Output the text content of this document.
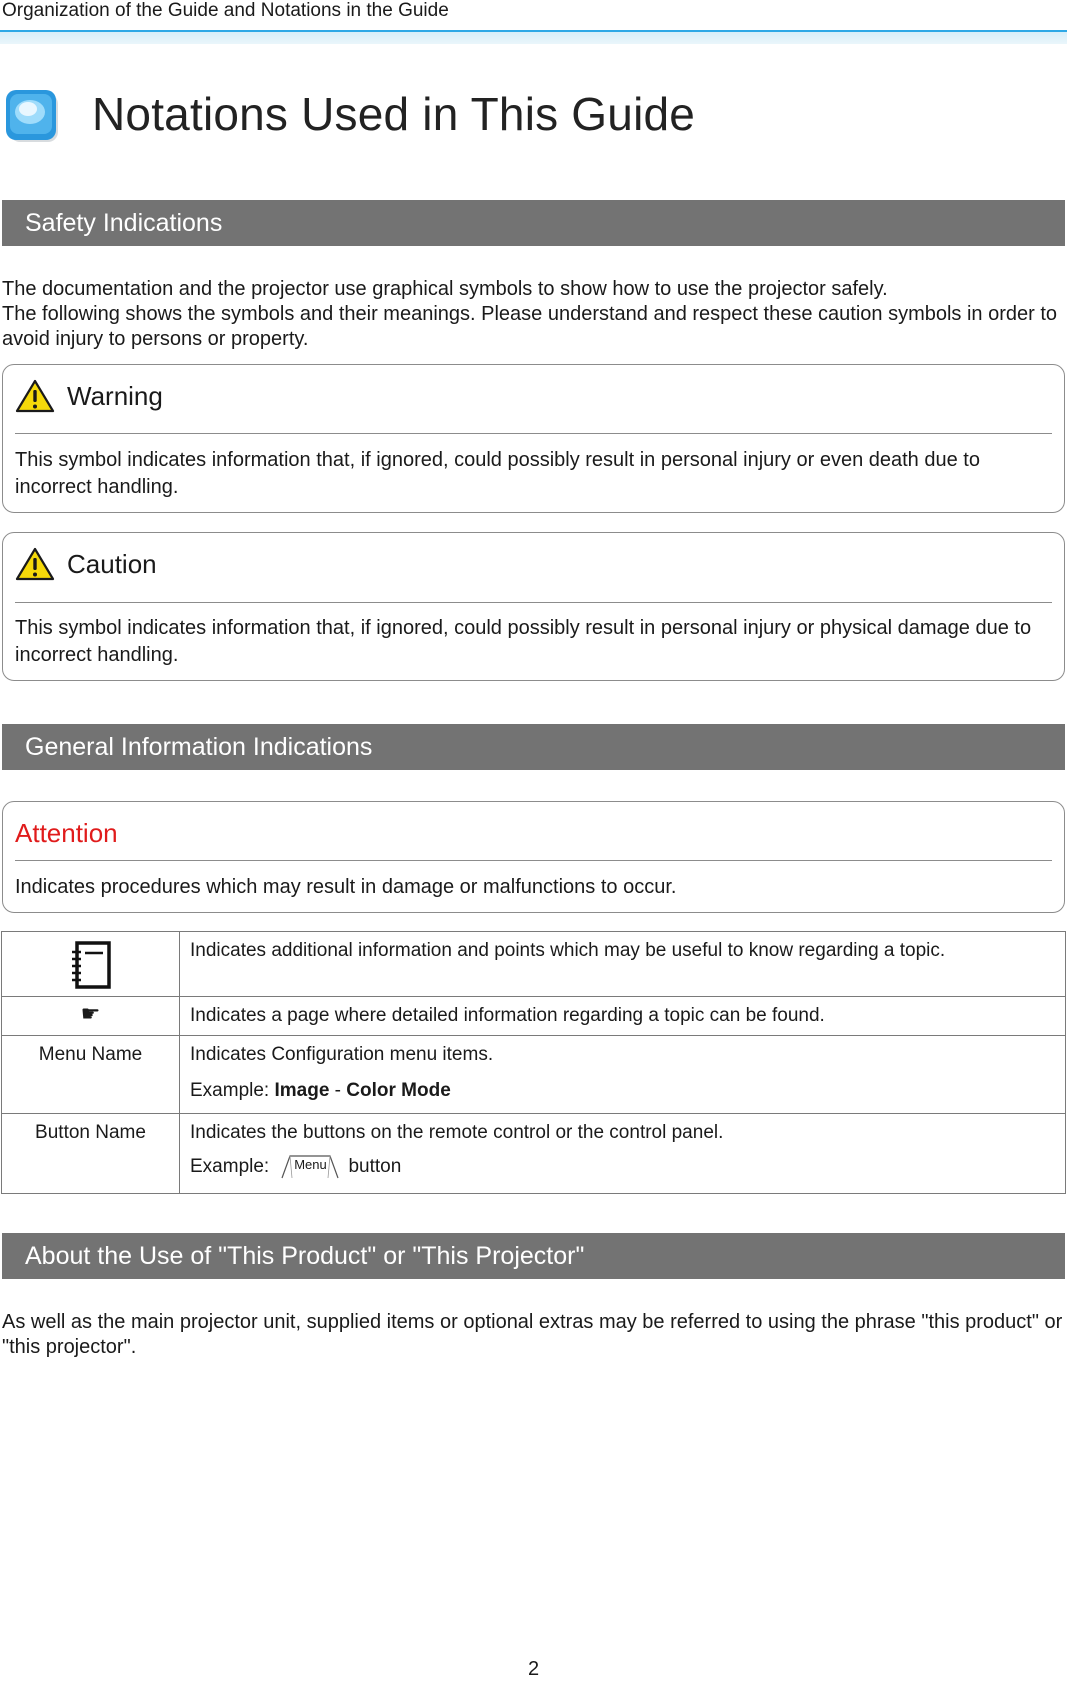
Organization of the Guide and Notations in the Guide
Notations Used in This Guide
Safety Indications

The documentation and the projector use graphical symbols to show how to use the projector safely.

The following shows the symbols and their meanings. Please understand and respect these caution symbols in order to avoid injury to persons or property.

Warning

This symbol indicates information that, if ignored, could possibly result in personal injury or even death due to incorrect handling.

Caution

This symbol indicates information that, if ignored, could possibly result in personal injury or physical damage due to incorrect handling.

General Information Indications
Attention

Indicates procedures which may result in damage or malfunctions to occur.

	Indicates additional information and points which may be useful to know regarding a topic.
☛	Indicates a page where detailed information regarding a topic can be found.
Menu Name	Indicates Configuration menu items.
Example: Image - Color Mode

Button Name	Indicates the buttons on the remote control or the control panel.
Example: Menu button
About the Use of "This Product" or "This Projector"

As well as the main projector unit, supplied items or optional extras may be referred to using the phrase "this product" or "this projector".

2
